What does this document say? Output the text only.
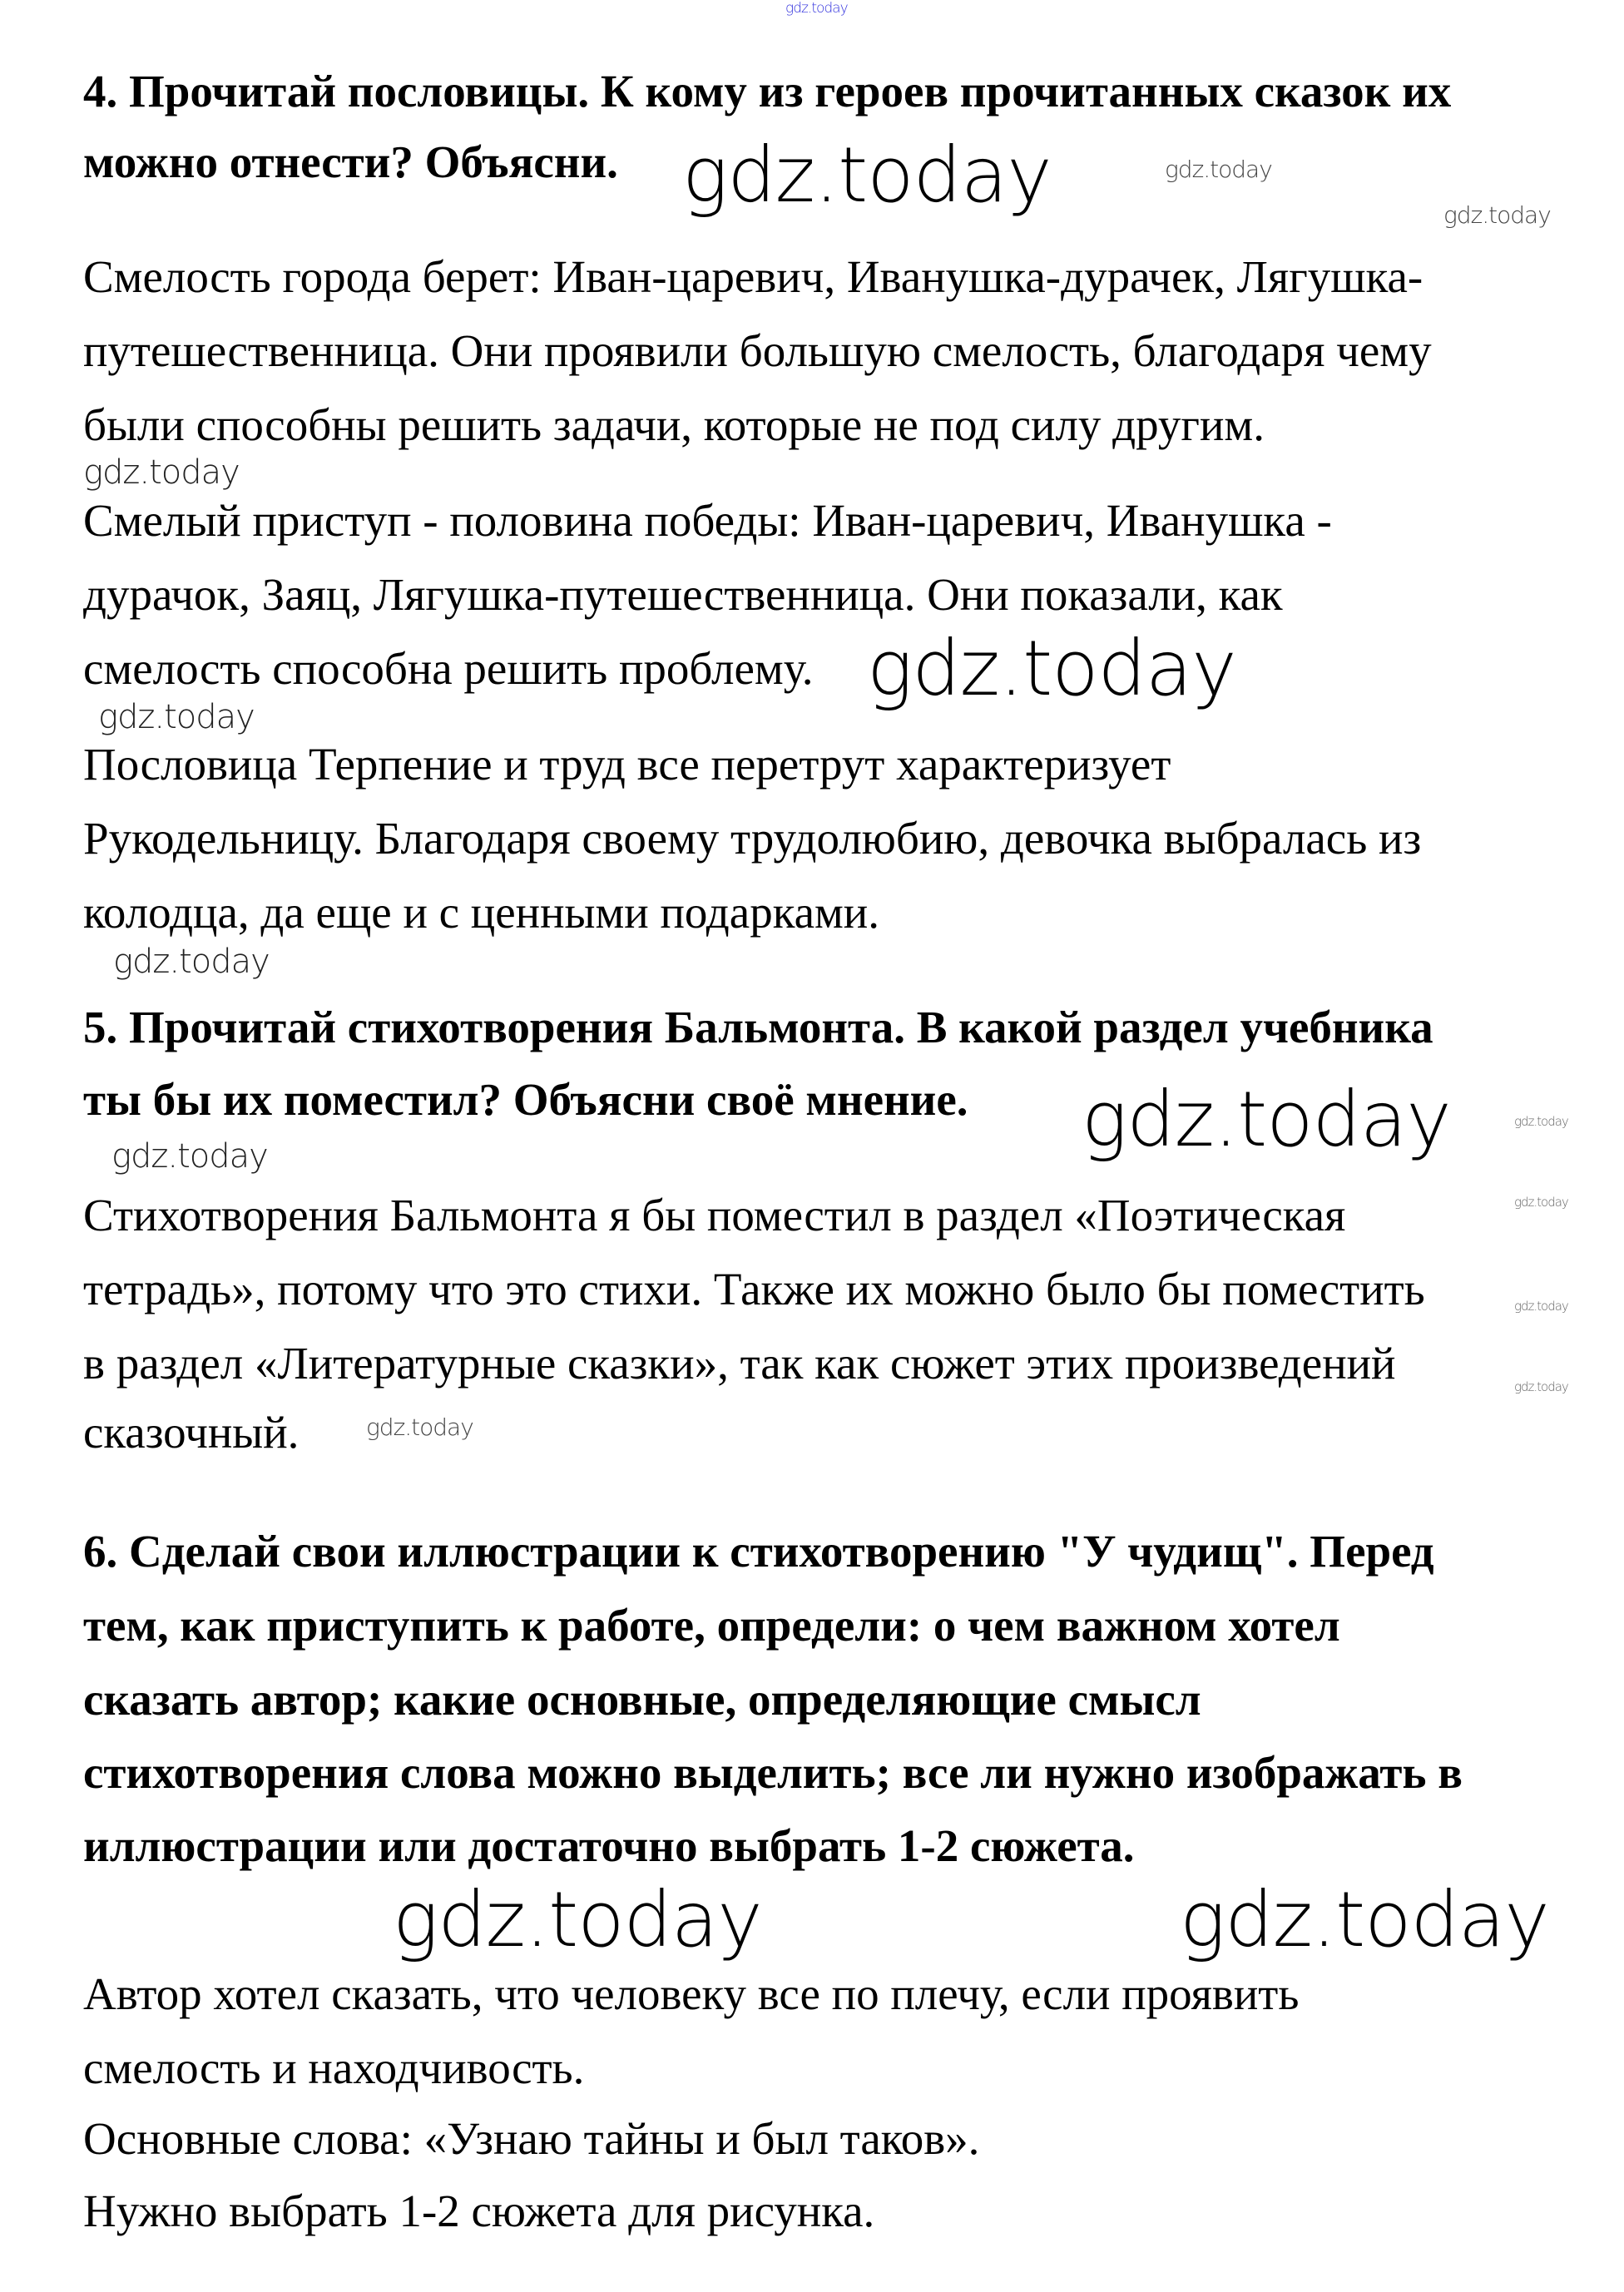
gdz.today
gdz.today	gdz.today
gdz.today
gdz.today
gdz.today
gdz.today
gdz.today
gdz.today	gdz.today
gdz.today
gdz.today
gdz.today
gdz.today
gdz.today
gdz.today	gdz.today
4. Прочитай пословицы. К кому из героев прочитанных сказок их
можно отнести? Объясни.
Смелость города берет: Иван-царевич, Иванушка-дурачек, Лягушка-
путешественница. Они проявили большую смелость, благодаря чему
были способны решить задачи, которые не под силу другим.
Смелый приступ - половина победы: Иван-царевич, Иванушка -
дурачок, Заяц, Лягушка-путешественница. Они показали, как
смелость способна решить проблему.
Пословица Терпение и труд все перетрут характеризует
Рукодельницу. Благодаря своему трудолюбию, девочка выбралась из
колодца, да еще и с ценными подарками.
5. Прочитай стихотворения Бальмонта. В какой раздел учебника
ты бы их поместил? Объясни своё мнение.
Стихотворения Бальмонта я бы поместил в раздел «Поэтическая
тетрадь», потому что это стихи. Также их можно было бы поместить
в раздел «Литературные сказки», так как сюжет этих произведений
сказочный.
6. Сделай свои иллюстрации к стихотворению "У чудищ". Перед
тем, как приступить к работе, определи: о чем важном хотел
сказать автор; какие основные, определяющие смысл
стихотворения слова можно выделить; все ли нужно изображать в
иллюстрации или достаточно выбрать 1-2 сюжета.
Автор хотел сказать, что человеку все по плечу, если проявить
смелость и находчивость.
Основные слова: «Узнаю тайны и был таков».
Нужно выбрать 1-2 сюжета для рисунка.
